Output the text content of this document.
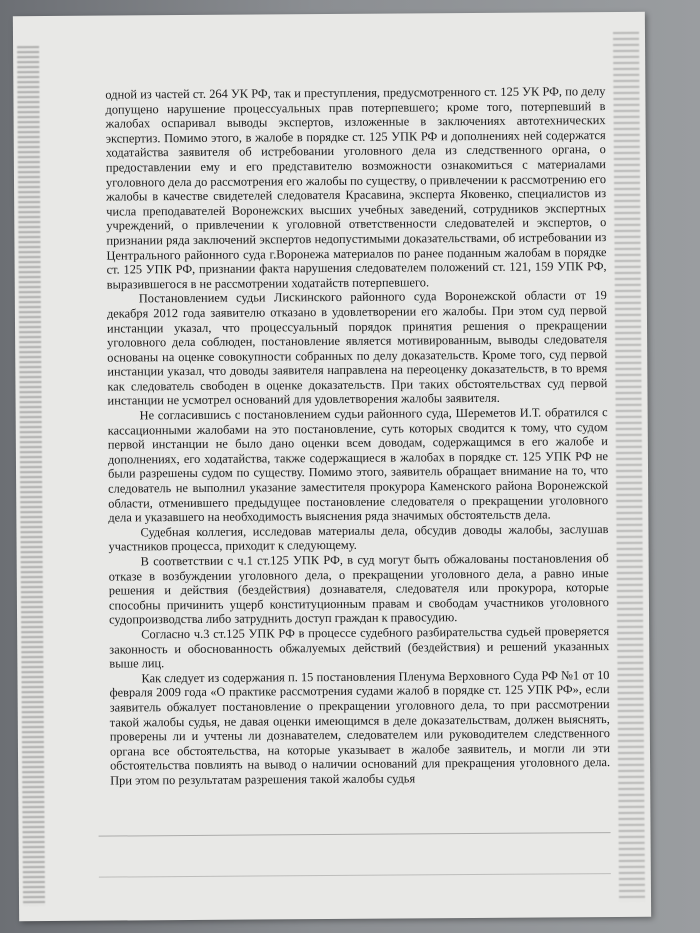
одной из частей ст. 264 УК РФ, так и преступления, предусмотренного ст. 125 УК РФ, по делу допущено нарушение процессуальных прав потерпевшего; кроме того, потерпевший в жалобах оспаривал выводы экспертов, изложенные в заключениях автотехнических экспертиз. Помимо этого, в жалобе в порядке ст. 125 УПК РФ и дополнениях ней содержатся ходатайства заявителя об истребовании уголовного дела из следственного органа, о предоставлении ему и его представителю возможности ознакомиться с материалами уголовного дела до рассмотрения его жалобы по существу, о привлечении к рассмотрению его жалобы в качестве свидетелей следователя Красавина, эксперта Яковенко, специалистов из числа преподавателей Воронежских высших учебных заведений, сотрудников экспертных учреждений, о привлечении к уголовной ответственности следователей и экспертов, о признании ряда заключений экспертов недопустимыми доказательствами, об истребовании из Центрального районного суда г.Воронежа материалов по ранее поданным жалобам в порядке ст. 125 УПК РФ, признании факта нарушения следователем положений ст. 121, 159 УПК РФ, выразившегося в не рассмотрении ходатайств потерпевшего.

Постановлением судьи Лискинского районного суда Воронежской области от 19 декабря 2012 года заявителю отказано в удовлетворении его жалобы. При этом суд первой инстанции указал, что процессуальный порядок принятия решения о прекращении уголовного дела соблюден, постановление является мотивированным, выводы следователя основаны на оценке совокупности собранных по делу доказательств. Кроме того, суд первой инстанции указал, что доводы заявителя направлена на переоценку доказательств, в то время как следователь свободен в оценке доказательств. При таких обстоятельствах суд первой инстанции не усмотрел оснований для удовлетворения жалобы заявителя.

Не согласившись с постановлением судьи районного суда, Шереметов И.Т. обратился с кассационными жалобами на это постановление, суть которых сводится к тому, что судом первой инстанции не было дано оценки всем доводам, содержащимся в его жалобе и дополнениях, его ходатайства, также содержащиеся в жалобах в порядке ст. 125 УПК РФ не были разрешены судом по существу. Помимо этого, заявитель обращает внимание на то, что следователь не выполнил указание заместителя прокурора Каменского района Воронежской области, отменившего предыдущее постановление следователя о прекращении уголовного дела и указавшего на необходимость выяснения ряда значимых обстоятельств дела.

Судебная коллегия, исследовав материалы дела, обсудив доводы жалобы, заслушав участников процесса, приходит к следующему.

В соответствии с ч.1 ст.125 УПК РФ, в суд могут быть обжалованы постановления об отказе в возбуждении уголовного дела, о прекращении уголовного дела, а равно иные решения и действия (бездействия) дознавателя, следователя или прокурора, которые способны причинить ущерб конституционным правам и свободам участников уголовного судопроизводства либо затруднить доступ граждан к правосудию.

Согласно ч.3 ст.125 УПК РФ в процессе судебного разбирательства судьей проверяется законность и обоснованность обжалуемых действий (бездействия) и решений указанных выше лиц.

Как следует из содержания п. 15 постановления Пленума Верховного Суда РФ №1 от 10 февраля 2009 года «О практике рассмотрения судами жалоб в порядке ст. 125 УПК РФ», если заявитель обжалует постановление о прекращении уголовного дела, то при рассмотрении такой жалобы судья, не давая оценки имеющимся в деле доказательствам, должен выяснять, проверены ли и учтены ли дознавателем, следователем или руководителем следственного органа все обстоятельства, на которые указывает в жалобе заявитель, и могли ли эти обстоятельства повлиять на вывод о наличии оснований для прекращения уголовного дела. При этом по результатам разрешения такой жалобы судья
